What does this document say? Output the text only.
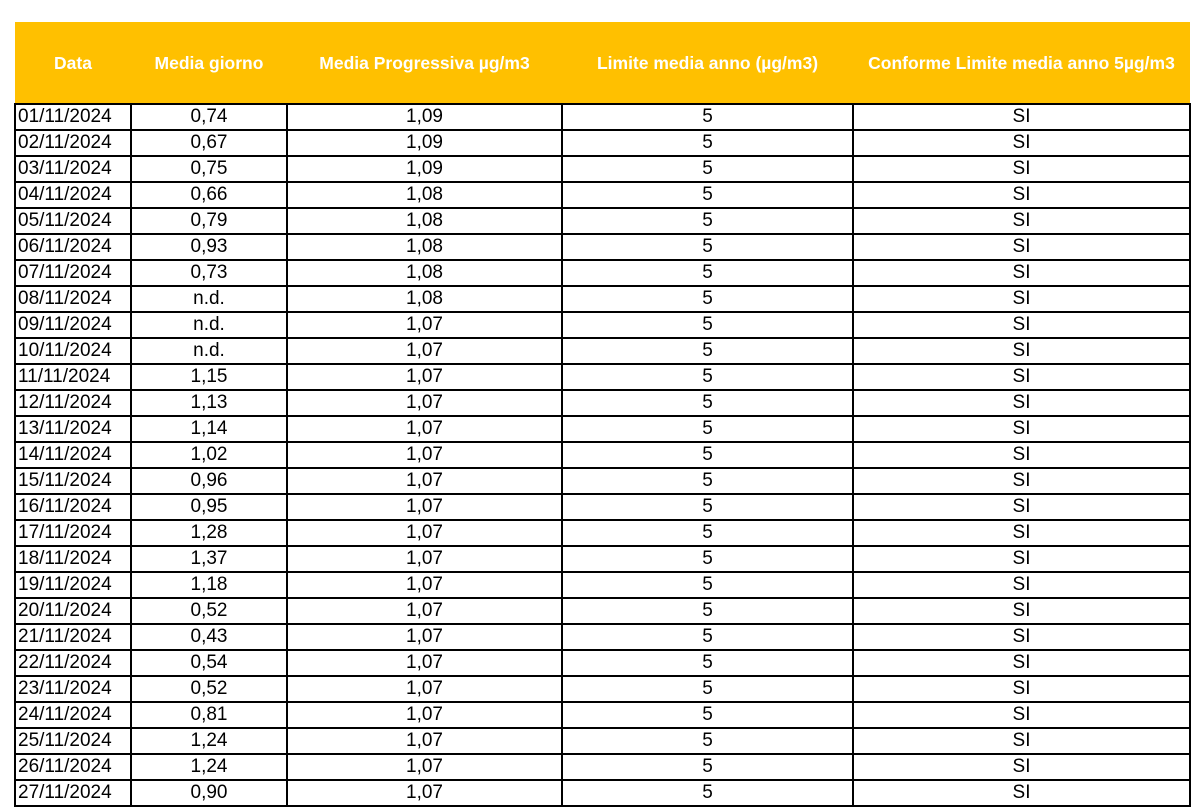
Data	Media giorno	Media Progressiva µg/m3	Limite media anno (µg/m3)	Conforme Limite media anno 5µg/m3
01/11/2024	0,74	1,09	5	SI
02/11/2024	0,67	1,09	5	SI
03/11/2024	0,75	1,09	5	SI
04/11/2024	0,66	1,08	5	SI
05/11/2024	0,79	1,08	5	SI
06/11/2024	0,93	1,08	5	SI
07/11/2024	0,73	1,08	5	SI
08/11/2024	n.d.	1,08	5	SI
09/11/2024	n.d.	1,07	5	SI
10/11/2024	n.d.	1,07	5	SI
11/11/2024	1,15	1,07	5	SI
12/11/2024	1,13	1,07	5	SI
13/11/2024	1,14	1,07	5	SI
14/11/2024	1,02	1,07	5	SI
15/11/2024	0,96	1,07	5	SI
16/11/2024	0,95	1,07	5	SI
17/11/2024	1,28	1,07	5	SI
18/11/2024	1,37	1,07	5	SI
19/11/2024	1,18	1,07	5	SI
20/11/2024	0,52	1,07	5	SI
21/11/2024	0,43	1,07	5	SI
22/11/2024	0,54	1,07	5	SI
23/11/2024	0,52	1,07	5	SI
24/11/2024	0,81	1,07	5	SI
25/11/2024	1,24	1,07	5	SI
26/11/2024	1,24	1,07	5	SI
27/11/2024	0,90	1,07	5	SI
